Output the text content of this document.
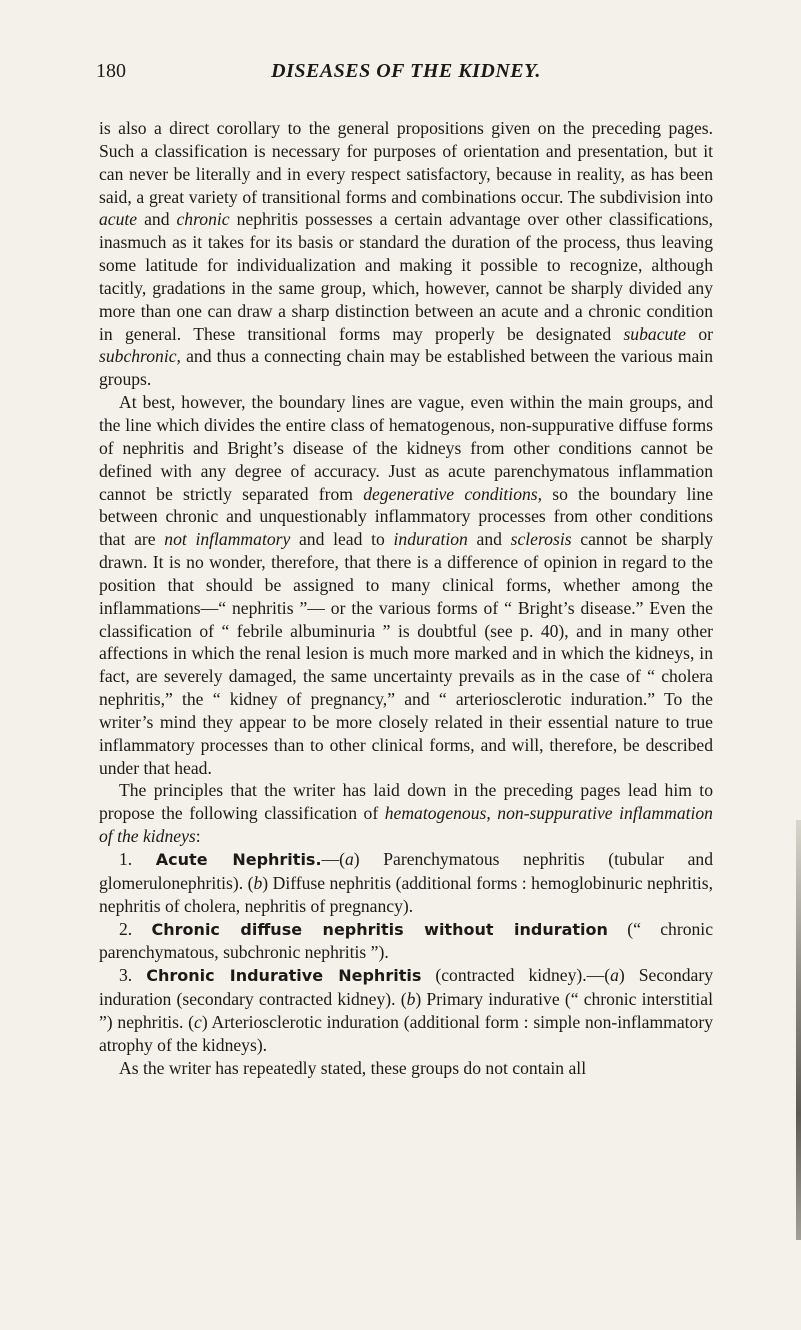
180	DISEASES OF THE KIDNEY.

is also a direct corollary to the general propositions given on the preceding pages. Such a classification is necessary for purposes of orientation and presentation, but it can never be literally and in every respect satisfactory, because in reality, as has been said, a great variety of transitional forms and combinations occur. The subdivision into acute and chronic nephritis possesses a certain advantage over other classifications, inasmuch as it takes for its basis or standard the duration of the process, thus leaving some latitude for individualization and making it possible to recognize, although tacitly, gradations in the same group, which, however, cannot be sharply divided any more than one can draw a sharp distinction between an acute and a chronic condition in general. These transitional forms may properly be designated subacute or subchronic, and thus a connecting chain may be established between the various main groups.

At best, however, the boundary lines are vague, even within the main groups, and the line which divides the entire class of hematogenous, non-suppurative diffuse forms of nephritis and Bright’s disease of the kidneys from other conditions cannot be defined with any degree of accuracy. Just as acute parenchymatous inflammation cannot be strictly separated from degenerative conditions, so the boundary line between chronic and unquestionably inflammatory processes from other conditions that are not inflammatory and lead to induration and sclerosis cannot be sharply drawn. It is no wonder, therefore, that there is a difference of opinion in regard to the position that should be assigned to many clinical forms, whether among the inflammations—“ nephritis ”— or the various forms of “ Bright’s disease.” Even the classification of “ febrile albuminuria ” is doubtful (see p. 40), and in many other affections in which the renal lesion is much more marked and in which the kidneys, in fact, are severely damaged, the same uncertainty prevails as in the case of “ cholera nephritis,” the “ kidney of pregnancy,” and “ arteriosclerotic induration.” To the writer’s mind they appear to be more closely related in their essential nature to true inflammatory processes than to other clinical forms, and will, therefore, be described under that head.

The principles that the writer has laid down in the preceding pages lead him to propose the following classification of hematogenous, non-suppurative inflammation of the kidneys:

1. Acute Nephritis.—(a) Parenchymatous nephritis (tubular and glomerulonephritis). (b) Diffuse nephritis (additional forms : hemoglobinuric nephritis, nephritis of cholera, nephritis of pregnancy).

2. Chronic diffuse nephritis without induration (“ chronic parenchymatous, subchronic nephritis ”).

3. Chronic Indurative Nephritis (contracted kidney).—(a) Secondary induration (secondary contracted kidney). (b) Primary indurative (“ chronic interstitial ”) nephritis. (c) Arteriosclerotic induration (additional form : simple non-inflammatory atrophy of the kidneys).

As the writer has repeatedly stated, these groups do not contain all
